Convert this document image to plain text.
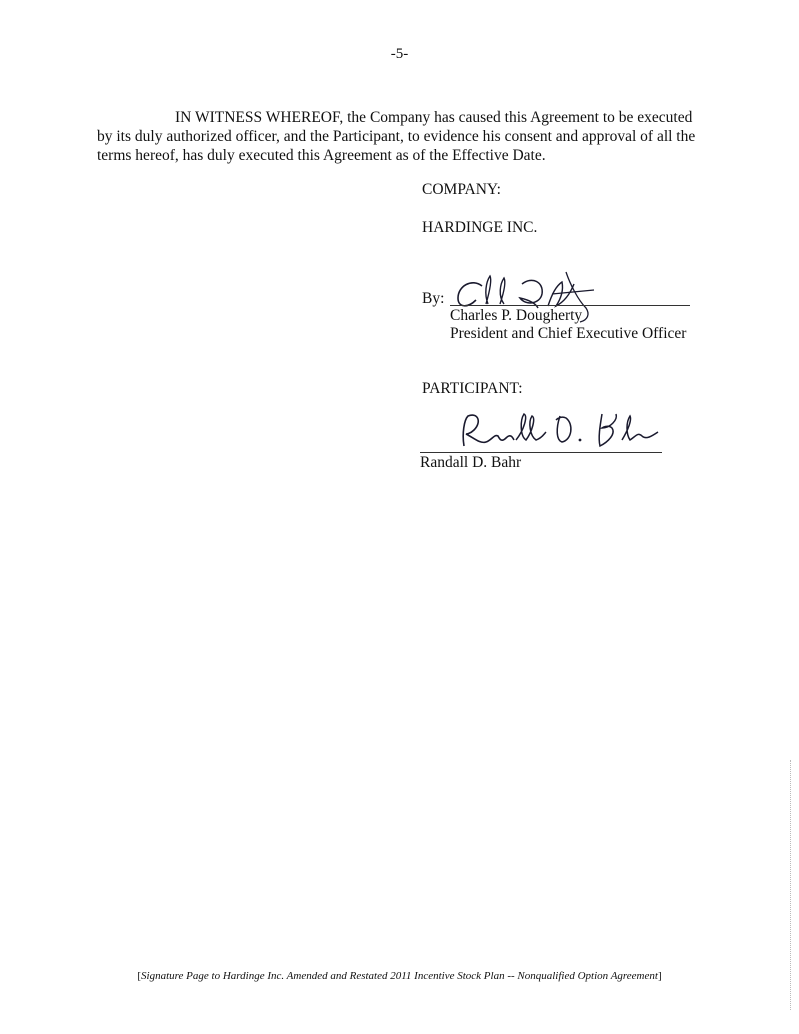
-5-

IN WITNESS WHEREOF, the Company has caused this Agreement to be executed by its duly authorized officer, and the Participant, to evidence his consent and approval of all the terms hereof, has duly executed this Agreement as of the Effective Date.

COMPANY:
HARDINGE INC.
By:
Charles P. Dougherty
President and Chief Executive Officer
PARTICIPANT:
Randall D. Bahr
[Signature Page to Hardinge Inc. Amended and Restated 2011 Incentive Stock Plan -- Nonqualified Option Agreement]
